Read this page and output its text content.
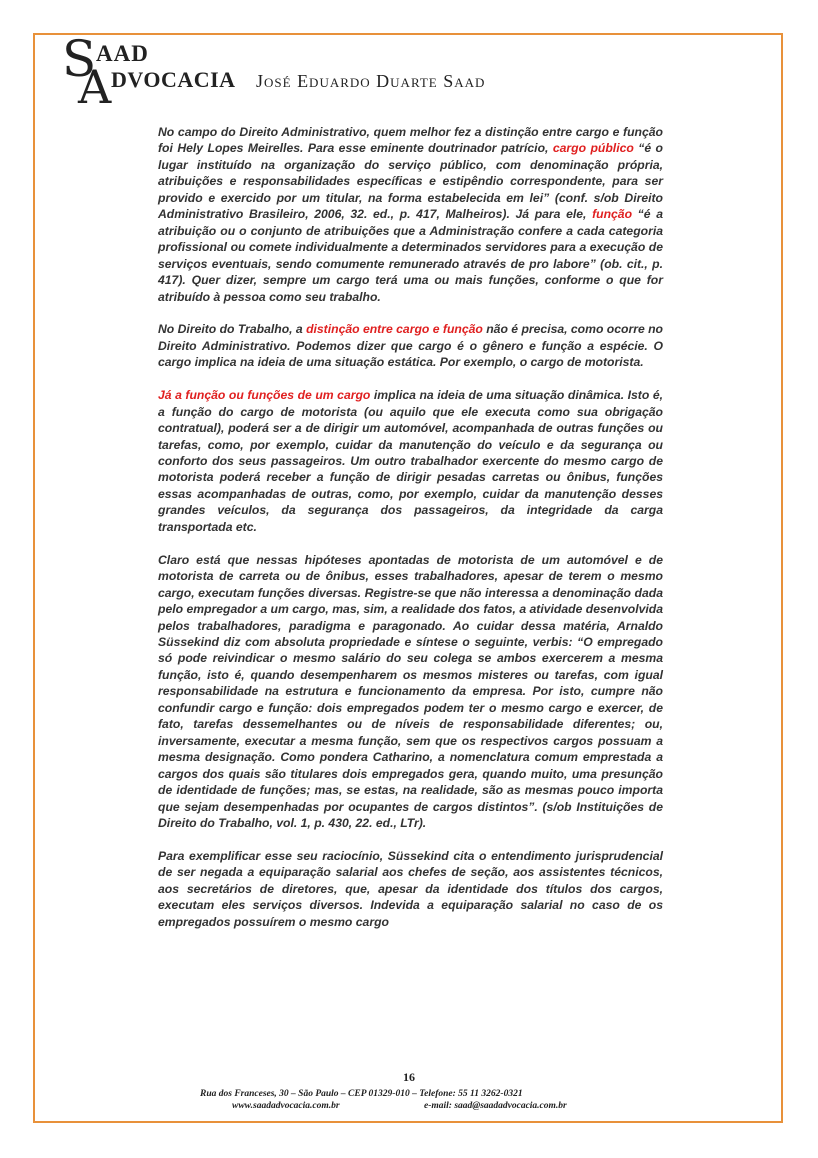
S AAD
A DVOCACIA José Eduardo Duarte Saad

No campo do Direito Administrativo, quem melhor fez a distinção entre cargo e função foi Hely Lopes Meirelles. Para esse eminente doutrinador patrício, cargo público “é o lugar instituído na organização do serviço público, com denominação própria, atribuições e responsabilidades específicas e estipêndio correspondente, para ser provido e exercido por um titular, na forma estabelecida em lei” (conf. s/ob Direito Administrativo Brasileiro, 2006, 32. ed., p. 417, Malheiros). Já para ele, função “é a atribuição ou o conjunto de atribuições que a Administração confere a cada categoria profissional ou comete individualmente a determinados servidores para a execução de serviços eventuais, sendo comumente remunerado através de pro labore” (ob. cit., p. 417). Quer dizer, sempre um cargo terá uma ou mais funções, conforme o que for atribuído à pessoa como seu trabalho.

No Direito do Trabalho, a distinção entre cargo e função não é precisa, como ocorre no Direito Administrativo. Podemos dizer que cargo é o gênero e função a espécie. O cargo implica na ideia de uma situação estática. Por exemplo, o cargo de motorista.

Já a função ou funções de um cargo implica na ideia de uma situação dinâmica. Isto é, a função do cargo de motorista (ou aquilo que ele executa como sua obrigação contratual), poderá ser a de dirigir um automóvel, acompanhada de outras funções ou tarefas, como, por exemplo, cuidar da manutenção do veículo e da segurança ou conforto dos seus passageiros. Um outro trabalhador exercente do mesmo cargo de motorista poderá receber a função de dirigir pesadas carretas ou ônibus, funções essas acompanhadas de outras, como, por exemplo, cuidar da manutenção desses grandes veículos, da segurança dos passageiros, da integridade da carga transportada etc.

Claro está que nessas hipóteses apontadas de motorista de um automóvel e de motorista de carreta ou de ônibus, esses trabalhadores, apesar de terem o mesmo cargo, executam funções diversas. Registre-se que não interessa a denominação dada pelo empregador a um cargo, mas, sim, a realidade dos fatos, a atividade desenvolvida pelos trabalhadores, paradigma e paragonado. Ao cuidar dessa matéria, Arnaldo Süssekind diz com absoluta propriedade e síntese o seguinte, verbis: “O empregado só pode reivindicar o mesmo salário do seu colega se ambos exercerem a mesma função, isto é, quando desempenharem os mesmos misteres ou tarefas, com igual responsabilidade na estrutura e funcionamento da empresa. Por isto, cumpre não confundir cargo e função: dois empregados podem ter o mesmo cargo e exercer, de fato, tarefas dessemelhantes ou de níveis de responsabilidade diferentes; ou, inversamente, executar a mesma função, sem que os respectivos cargos possuam a mesma designação. Como pondera Catharino, a nomenclatura comum emprestada a cargos dos quais são titulares dois empregados gera, quando muito, uma presunção de identidade de funções; mas, se estas, na realidade, são as mesmas pouco importa que sejam desempenhadas por ocupantes de cargos distintos”. (s/ob Instituições de Direito do Trabalho, vol. 1, p. 430, 22. ed., LTr).

Para exemplificar esse seu raciocínio, Süssekind cita o entendimento jurisprudencial de ser negada a equiparação salarial aos chefes de seção, aos assistentes técnicos, aos secretários de diretores, que, apesar da identidade dos títulos dos cargos, executam eles serviços diversos. Indevida a equiparação salarial no caso de os empregados possuírem o mesmo cargo

16
Rua dos Franceses, 30 – São Paulo – CEP 01329-010 – Telefone: 55 11 3262-0321
www.saadadvocacia.com.br	e-mail: saad@saadadvocacia.com.br
